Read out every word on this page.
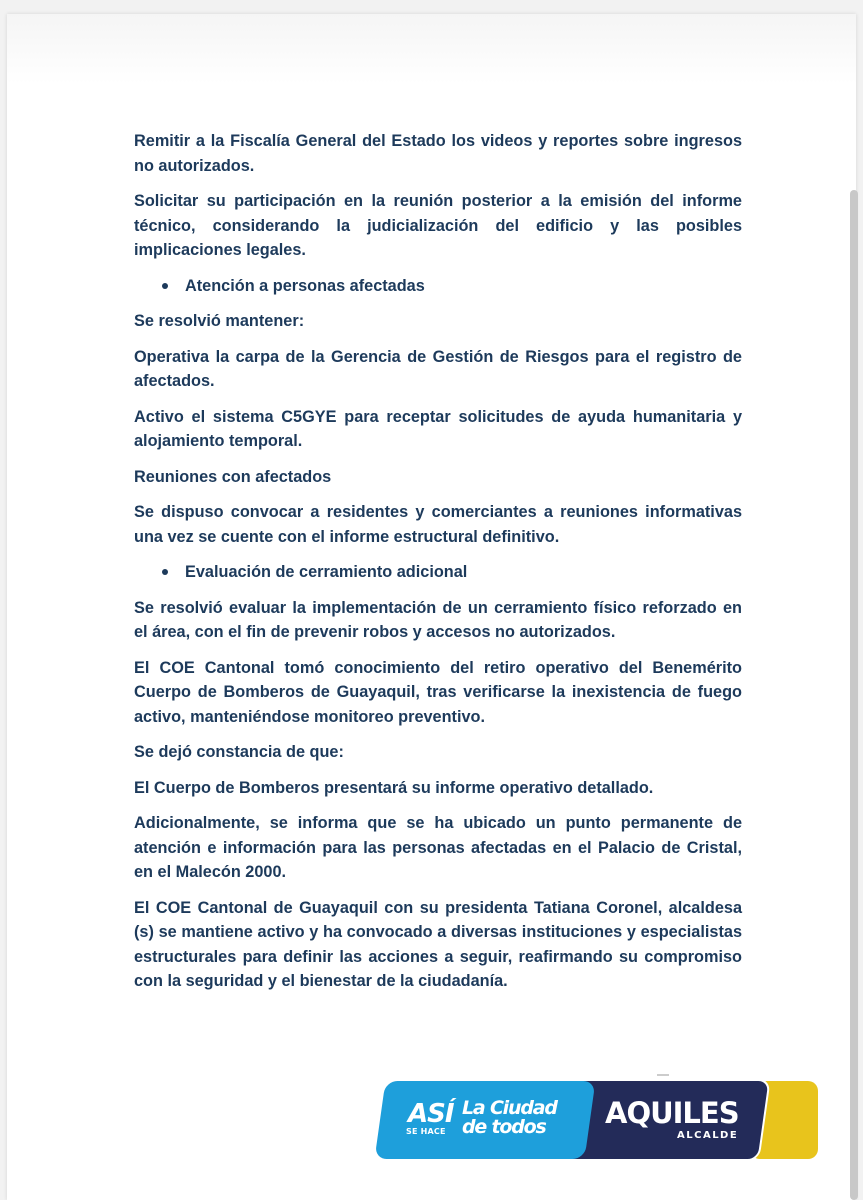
Remitir a la Fiscalía General del Estado los videos y reportes sobre ingresos no autorizados.

Solicitar su participación en la reunión posterior a la emisión del informe técnico, considerando la judicialización del edificio y las posibles implicaciones legales.

Atención a personas afectadas

Se resolvió mantener:

Operativa la carpa de la Gerencia de Gestión de Riesgos para el registro de afectados.

Activo el sistema C5GYE para receptar solicitudes de ayuda humanitaria y alojamiento temporal.

Reuniones con afectados

Se dispuso convocar a residentes y comerciantes a reuniones informativas una vez se cuente con el informe estructural definitivo.

Evaluación de cerramiento adicional

Se resolvió evaluar la implementación de un cerramiento físico reforzado en el área, con el fin de prevenir robos y accesos no autorizados.

El COE Cantonal tomó conocimiento del retiro operativo del Benemérito Cuerpo de Bomberos de Guayaquil, tras verificarse la inexistencia de fuego activo, manteniéndose monitoreo preventivo.

Se dejó constancia de que:

El Cuerpo de Bomberos presentará su informe operativo detallado.

Adicionalmente, se informa que se ha ubicado un punto permanente de atención e información para las personas afectadas en el Palacio de Cristal, en el Malecón 2000.

El COE Cantonal de Guayaquil con su presidenta Tatiana Coronel, alcaldesa (s) se mantiene activo y ha convocado a diversas instituciones y especialistas estructurales para definir las acciones a seguir, reafirmando su compromiso con la seguridad y el bienestar de la ciudadanía.

ASÍ
SE HACE
La Ciudad
de todos AQUILES
ALCALDE
